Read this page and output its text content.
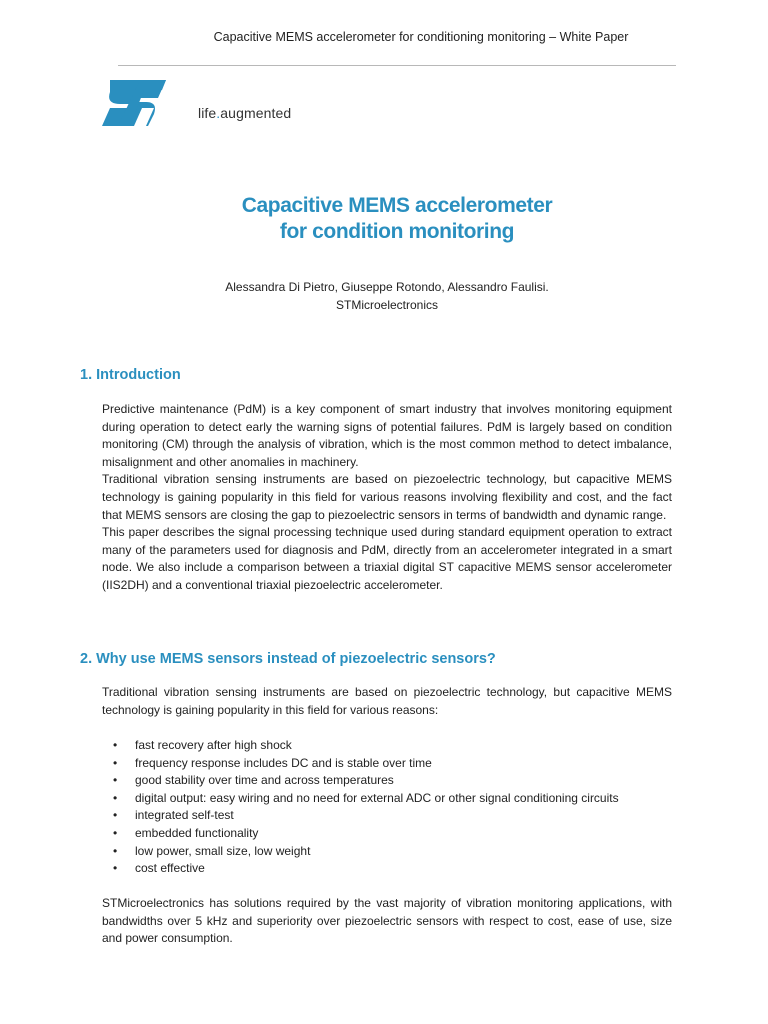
Capacitive MEMS accelerometer for conditioning monitoring – White Paper
life.augmented
Capacitive MEMS accelerometer
for condition monitoring
Alessandra Di Pietro, Giuseppe Rotondo, Alessandro Faulisi.
STMicroelectronics
1. Introduction

Predictive maintenance (PdM) is a key component of smart industry that involves monitoring equipment during operation to detect early the warning signs of potential failures. PdM is largely based on condition monitoring (CM) through the analysis of vibration, which is the most common method to detect imbalance, misalignment and other anomalies in machinery.

Traditional vibration sensing instruments are based on piezoelectric technology, but capacitive MEMS technology is gaining popularity in this field for various reasons involving flexibility and cost, and the fact that MEMS sensors are closing the gap to piezoelectric sensors in terms of bandwidth and dynamic range.

This paper describes the signal processing technique used during standard equipment operation to extract many of the parameters used for diagnosis and PdM, directly from an accelerometer integrated in a smart node. We also include a comparison between a triaxial digital ST capacitive MEMS sensor accelerometer (IIS2DH) and a conventional triaxial piezoelectric accelerometer.

2. Why use MEMS sensors instead of piezoelectric sensors?
Traditional vibration sensing instruments are based on piezoelectric technology, but capacitive MEMS technology is gaining popularity in this field for various reasons:
• fast recovery after high shock
• frequency response includes DC and is stable over time
• good stability over time and across temperatures
• digital output: easy wiring and no need for external ADC or other signal conditioning circuits
• integrated self-test
• embedded functionality
• low power, small size, low weight
• cost effective
STMicroelectronics has solutions required by the vast majority of vibration monitoring applications, with bandwidths over 5 kHz and superiority over piezoelectric sensors with respect to cost, ease of use, size and power consumption.
